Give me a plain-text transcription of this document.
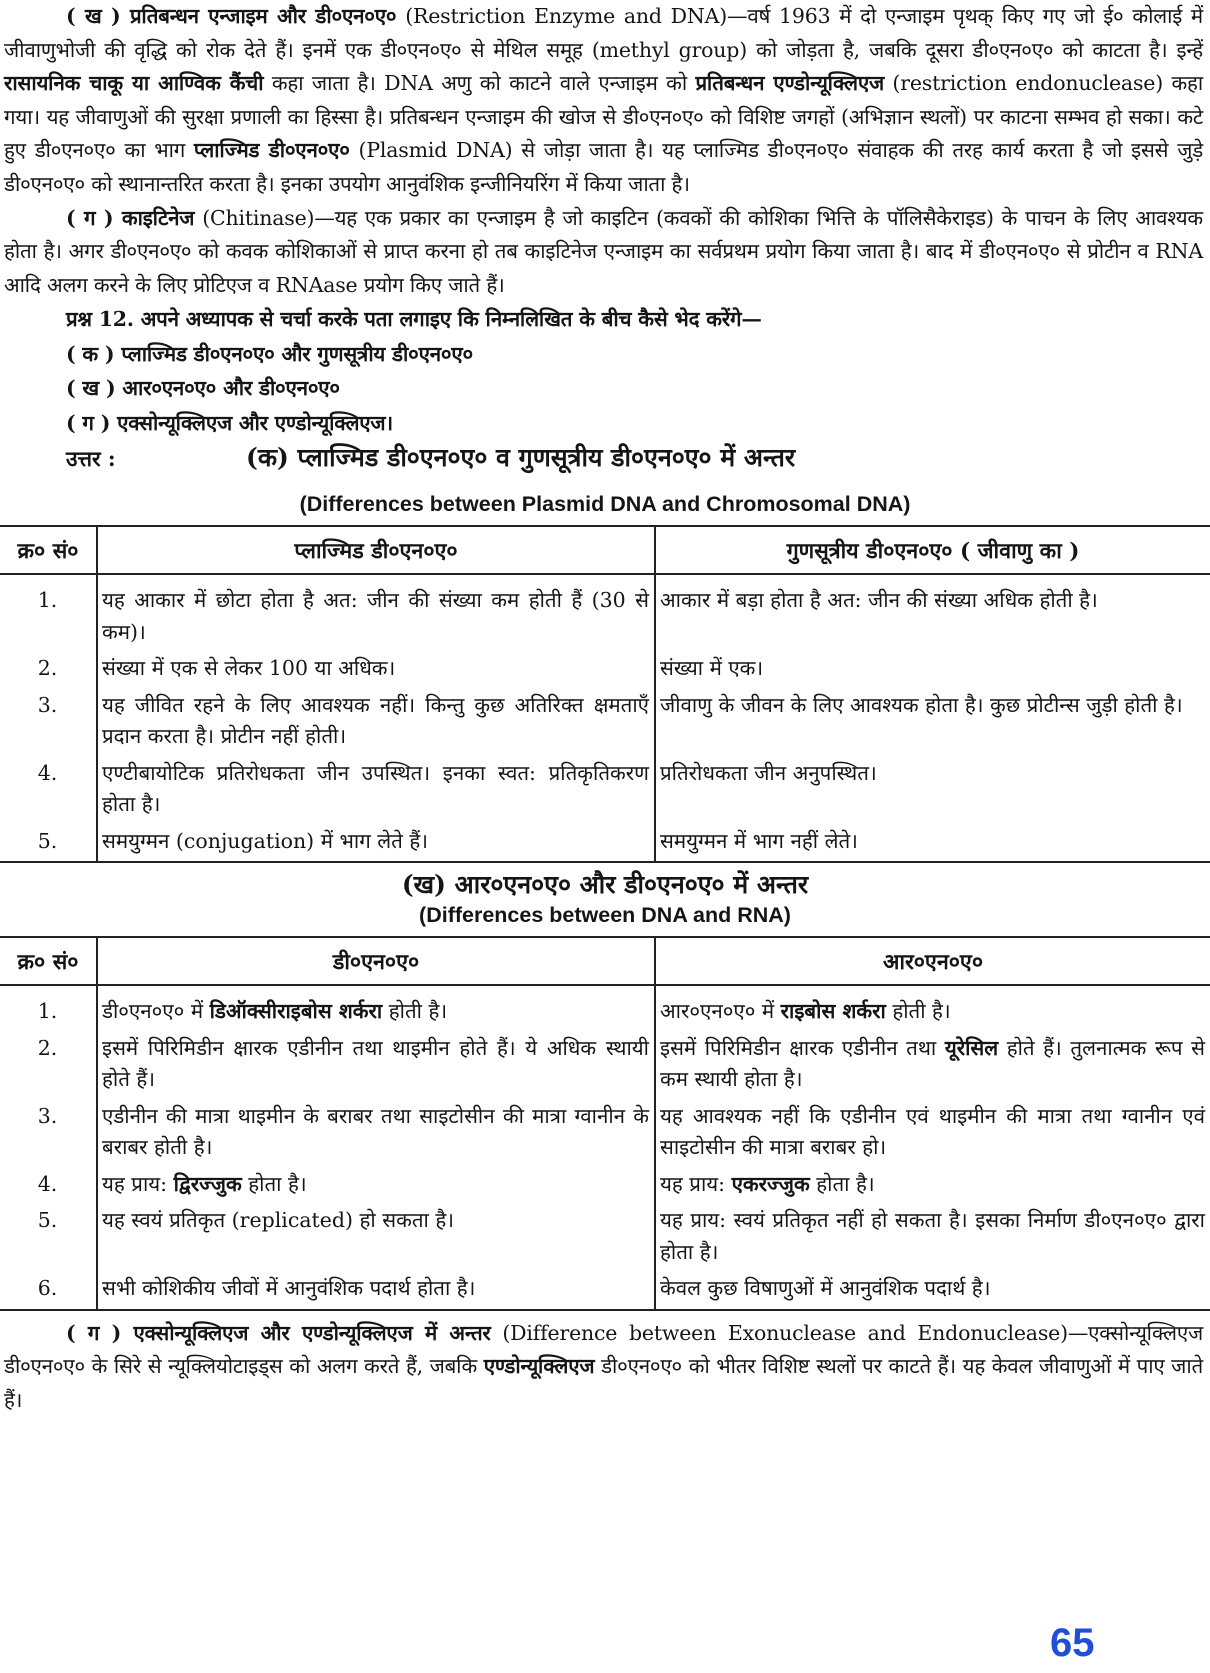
( ख ) प्रतिबन्धन एन्जाइम और डी०एन०ए० (Restriction Enzyme and DNA)—वर्ष 1963 में दो एन्जाइम पृथक् किए गए जो ई० कोलाई में जीवाणुभोजी की वृद्धि को रोक देते हैं। इनमें एक डी०एन०ए० से मेथिल समूह (methyl group) को जोड़ता है, जबकि दूसरा डी०एन०ए० को काटता है। इन्हें रासायनिक चाकू या आण्विक कैंची कहा जाता है। DNA अणु को काटने वाले एन्जाइम को प्रतिबन्धन एण्डोन्यूक्लिएज (restriction endonuclease) कहा गया। यह जीवाणुओं की सुरक्षा प्रणाली का हिस्सा है। प्रतिबन्धन एन्जाइम की खोज से डी०एन०ए० को विशिष्ट जगहों (अभिज्ञान स्थलों) पर काटना सम्भव हो सका। कटे हुए डी०एन०ए० का भाग प्लाज्मिड डी०एन०ए० (Plasmid DNA) से जोड़ा जाता है। यह प्लाज्मिड डी०एन०ए० संवाहक की तरह कार्य करता है जो इससे जुड़े डी०एन०ए० को स्थानान्तरित करता है। इनका उपयोग आनुवंशिक इन्जीनियरिंग में किया जाता है।

( ग ) काइटिनेज (Chitinase)—यह एक प्रकार का एन्जाइम है जो काइटिन (कवकों की कोशिका भित्ति के पॉलिसैकेराइड) के पाचन के लिए आवश्यक होता है। अगर डी०एन०ए० को कवक कोशिकाओं से प्राप्त करना हो तब काइटिनेज एन्जाइम का सर्वप्रथम प्रयोग किया जाता है। बाद में डी०एन०ए० से प्रोटीन व RNA आदि अलग करने के लिए प्रोटिएज व RNAase प्रयोग किए जाते हैं।

प्रश्न 12. अपने अध्यापक से चर्चा करके पता लगाइए कि निम्नलिखित के बीच कैसे भेद करेंगे—

( क ) प्लाज्मिड डी०एन०ए० और गुणसूत्रीय डी०एन०ए०

( ख ) आर०एन०ए० और डी०एन०ए०

( ग ) एक्सोन्यूक्लिएज और एण्डोन्यूक्लिएज।

उत्तर :	(क) प्लाज्मिड डी०एन०ए० व गुणसूत्रीय डी०एन०ए० में अन्तर
(Differences between Plasmid DNA and Chromosomal DNA)
क्र० सं०	प्लाज्मिड डी०एन०ए०	गुणसूत्रीय डी०एन०ए० ( जीवाणु का )
1.	यह आकार में छोटा होता है अत: जीन की संख्या कम होती हैं (30 से कम)।	आकार में बड़ा होता है अत: जीन की संख्या अधिक होती है।
2.	संख्या में एक से लेकर 100 या अधिक।	संख्या में एक।
3.	यह जीवित रहने के लिए आवश्यक नहीं। किन्तु कुछ अतिरिक्त क्षमताएँ प्रदान करता है। प्रोटीन नहीं होती।	जीवाणु के जीवन के लिए आवश्यक होता है। कुछ प्रोटीन्स जुड़ी होती है।
4.	एण्टीबायोटिक प्रतिरोधकता जीन उपस्थित। इनका स्वत: प्रतिकृतिकरण होता है।	प्रतिरोधकता जीन अनुपस्थित।
5.	समयुग्मन (conjugation) में भाग लेते हैं।	समयुग्मन में भाग नहीं लेते।
(ख) आर०एन०ए० और डी०एन०ए० में अन्तर
(Differences between DNA and RNA)
क्र० सं०	डी०एन०ए०	आर०एन०ए०
1.	डी०एन०ए० में डिऑक्सीराइबोस शर्करा होती है।	आर०एन०ए० में राइबोस शर्करा होती है।
2.	इसमें पिरिमिडीन क्षारक एडीनीन तथा थाइमीन होते हैं। ये अधिक स्थायी होते हैं।	इसमें पिरिमिडीन क्षारक एडीनीन तथा यूरेसिल होते हैं। तुलनात्मक रूप से कम स्थायी होता है।
3.	एडीनीन की मात्रा थाइमीन के बराबर तथा साइटोसीन की मात्रा ग्वानीन के बराबर होती है।	यह आवश्यक नहीं कि एडीनीन एवं थाइमीन की मात्रा तथा ग्वानीन एवं साइटोसीन की मात्रा बराबर हो।
4.	यह प्राय: द्विरज्जुक होता है।	यह प्राय: एकरज्जुक होता है।
5.	यह स्वयं प्रतिकृत (replicated) हो सकता है।	यह प्राय: स्वयं प्रतिकृत नहीं हो सकता है। इसका निर्माण डी०एन०ए० द्वारा होता है।
6.	सभी कोशिकीय जीवों में आनुवंशिक पदार्थ होता है।	केवल कुछ विषाणुओं में आनुवंशिक पदार्थ है।

( ग ) एक्सोन्यूक्लिएज और एण्डोन्यूक्लिएज में अन्तर (Difference between Exonuclease and Endonuclease)—एक्सोन्यूक्लिएज डी०एन०ए० के सिरे से न्यूक्लियोटाइड्स को अलग करते हैं, जबकि एण्डोन्यूक्लिएज डी०एन०ए० को भीतर विशिष्ट स्थलों पर काटते हैं। यह केवल जीवाणुओं में पाए जाते हैं।

65
